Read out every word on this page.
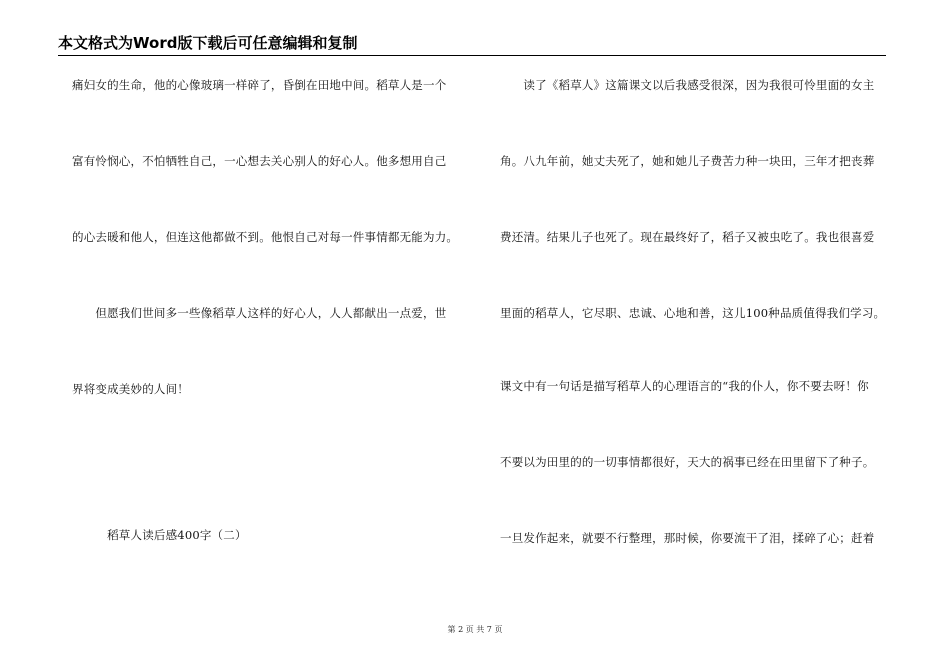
本文格式为Word版下载后可任意编辑和复制
痛妇女的生命，他的心像玻璃一样碎了，昏倒在田地中间。稻草人是一个
富有怜悯心，不怕牺牲自己，一心想去关心别人的好心人。他多想用自己
的心去暖和他人，但连这他都做不到。他恨自己对每一件事情都无能为力。
　　但愿我们世间多一些像稻草人这样的好心人，人人都献出一点爱，世
界将变成美妙的人间！
　　　稻草人读后感400字（二）
　　读了《稻草人》这篇课文以后我感受很深，因为我很可怜里面的女主
角。八九年前，她丈夫死了，她和她儿子费苦力种一块田，三年才把丧葬
费还清。结果儿子也死了。现在最终好了，稻子又被虫吃了。我也很喜爱
里面的稻草人，它尽职、忠诚、心地和善，这儿100种品质值得我们学习。
课文中有一句话是描写稻草人的心理语言的“我的仆人，你不要去呀！你
不要以为田里的的一切事情都很好，天大的祸事已经在田里留下了种子。
一旦发作起来，就要不行整理，那时候，你要流干了泪，揉碎了心；赶着
第 2 页 共 7 页
